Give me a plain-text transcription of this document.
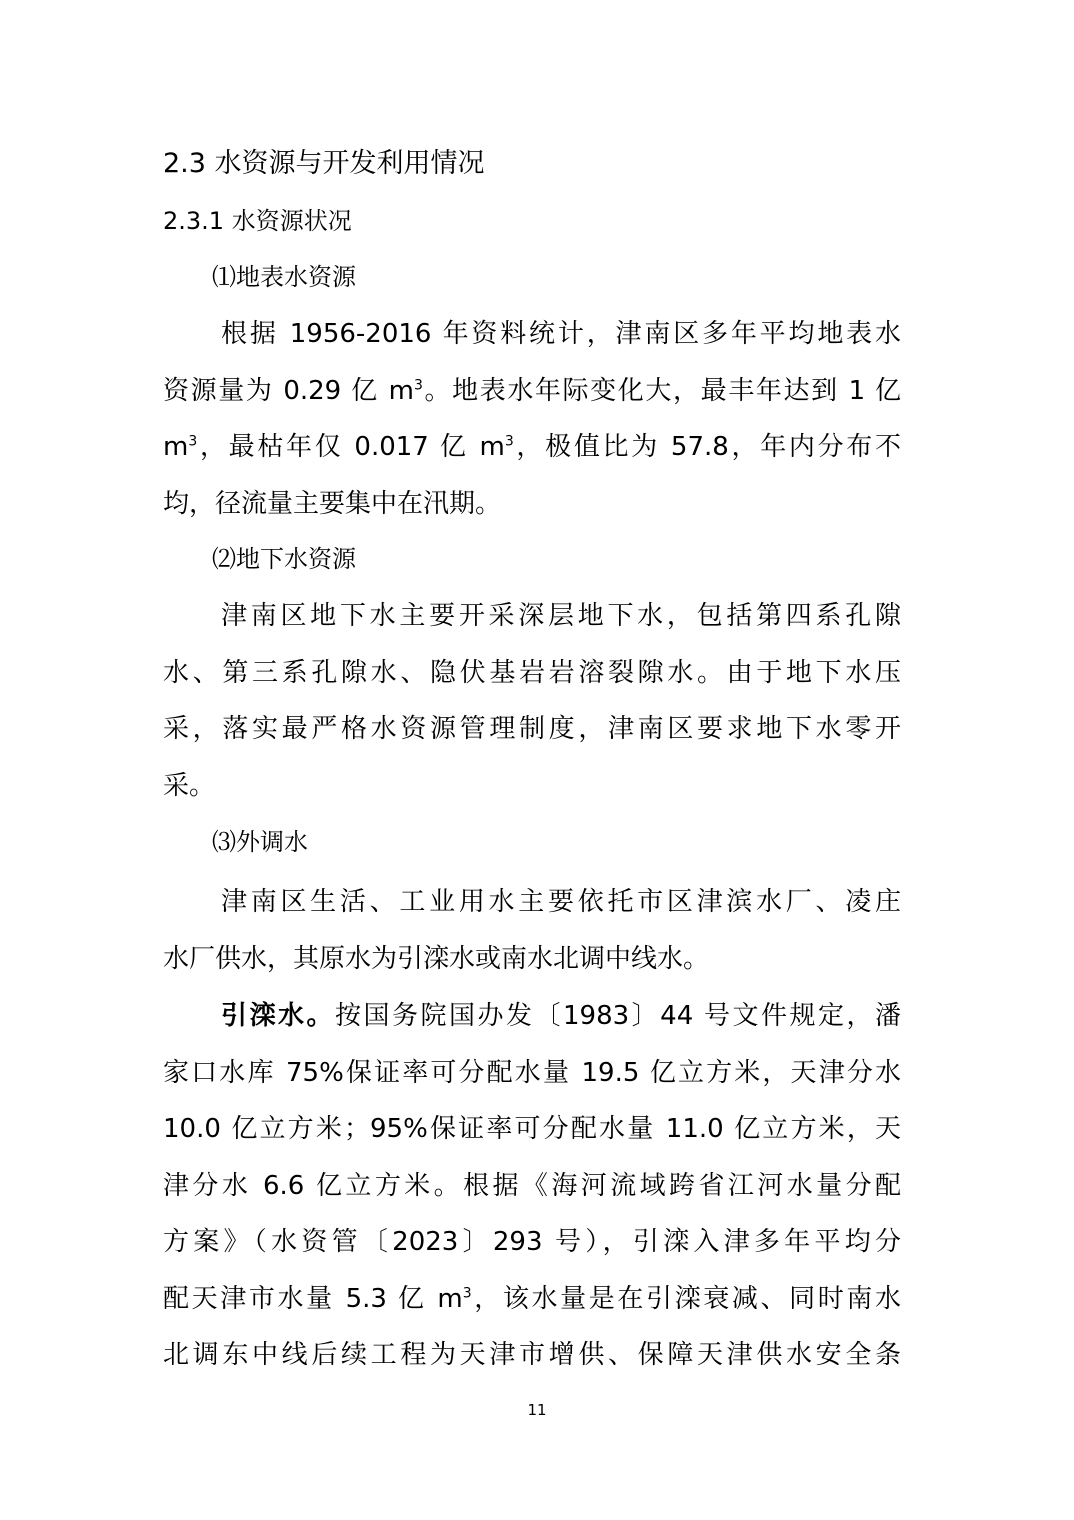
2.3 水资源与开发利用情况
2.3.1 水资源状况
⑴地表水资源
根据 1956-2016 年资料统计，津南区多年平均地表水
资源量为 0.29 亿 $m^3$。地表水年际变化大，最丰年达到 1 亿
$m^3$，最枯年仅 0.017 亿 $m^3$，极值比为 57.8，年内分布不
均，径流量主要集中在汛期。
⑵地下水资源
津南区地下水主要开采深层地下水，包括第四系孔隙
水、第三系孔隙水、隐伏基岩岩溶裂隙水。由于地下水压
采，落实最严格水资源管理制度，津南区要求地下水零开
采。
⑶外调水
津南区生活、工业用水主要依托市区津滨水厂、凌庄
水厂供水，其原水为引滦水或南水北调中线水。
引滦水。按国务院国办发〔1983〕44 号文件规定，潘
家口水库 75%保证率可分配水量 19.5 亿立方米，天津分水
10.0 亿立方米；95%保证率可分配水量 11.0 亿立方米，天
津分水 6.6 亿立方米。根据《海河流域跨省江河水量分配
方案》（水资管〔2023〕293 号），引滦入津多年平均分
配天津市水量 5.3 亿 $m^3$，该水量是在引滦衰减、同时南水
北调东中线后续工程为天津市增供、保障天津供水安全条
11
